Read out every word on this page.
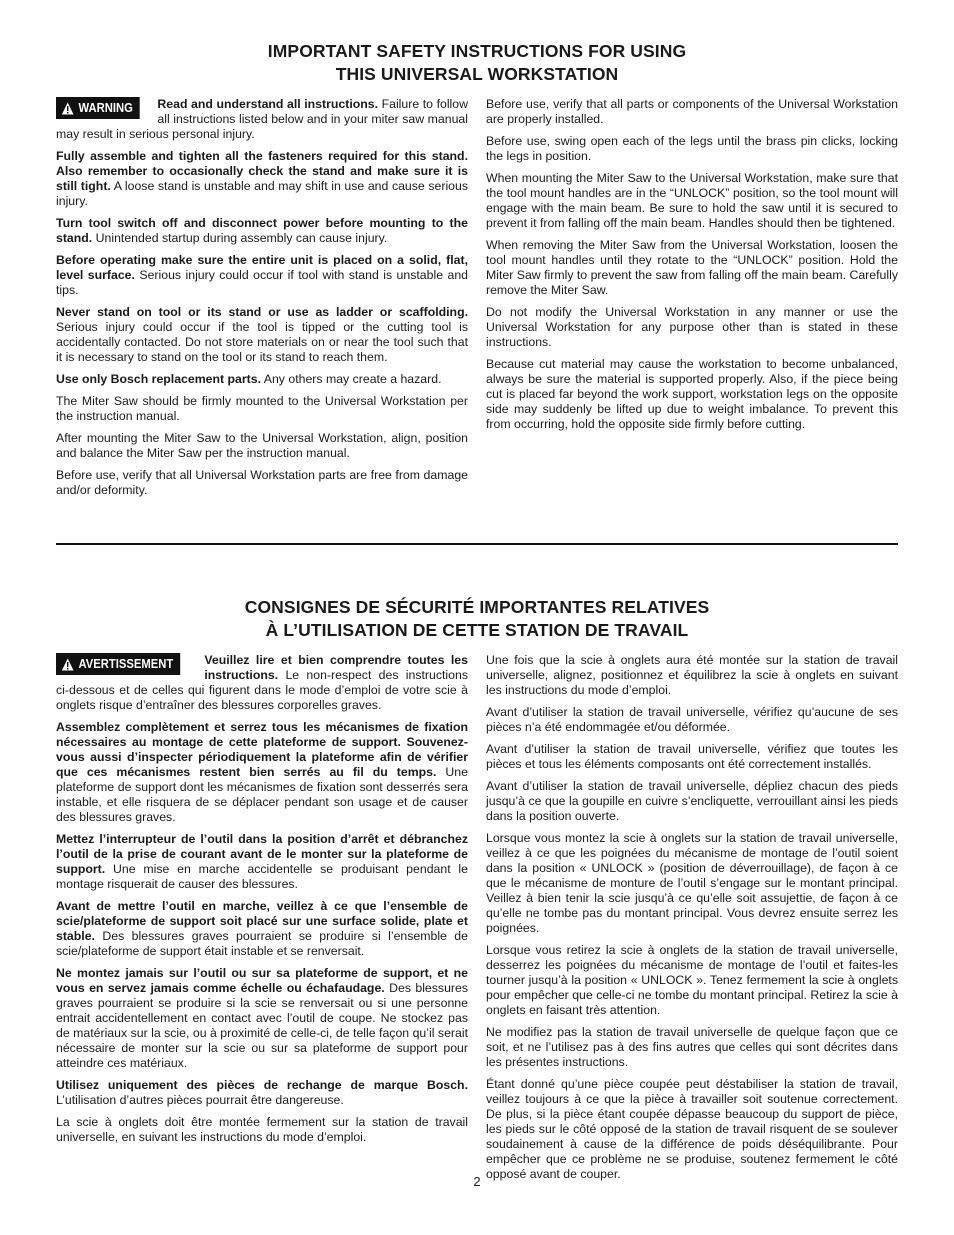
IMPORTANT SAFETY INSTRUCTIONS FOR USING
THIS UNIVERSAL WORKSTATION

WARNING Read and understand all instructions. Failure to follow all instructions listed below and in your miter saw manual may result in serious personal injury.

Fully assemble and tighten all the fasteners required for this stand. Also remember to occasionally check the stand and make sure it is still tight. A loose stand is unstable and may shift in use and cause serious injury.

Turn tool switch off and disconnect power before mounting to the stand. Unintended startup during assembly can cause injury.

Before operating make sure the entire unit is placed on a solid, flat, level surface. Serious injury could occur if tool with stand is unstable and tips.

Never stand on tool or its stand or use as ladder or scaffolding. Serious injury could occur if the tool is tipped or the cutting tool is accidentally contacted. Do not store materials on or near the tool such that it is necessary to stand on the tool or its stand to reach them.

Use only Bosch replacement parts. Any others may create a hazard.

The Miter Saw should be firmly mounted to the Universal Workstation per the instruction manual.

After mounting the Miter Saw to the Universal Workstation, align, position and balance the Miter Saw per the instruction manual.

Before use, verify that all Universal Workstation parts are free from damage and/or deformity.

Before use, verify that all parts or components of the Universal Workstation are properly installed.

Before use, swing open each of the legs until the brass pin clicks, locking the legs in position.

When mounting the Miter Saw to the Universal Workstation, make sure that the tool mount handles are in the “UNLOCK” position, so the tool mount will engage with the main beam. Be sure to hold the saw until it is secured to prevent it from falling off the main beam. Handles should then be tightened.

When removing the Miter Saw from the Universal Workstation, loosen the tool mount handles until they rotate to the “UNLOCK” position. Hold the Miter Saw firmly to prevent the saw from falling off the main beam. Carefully remove the Miter Saw.

Do not modify the Universal Workstation in any manner or use the Universal Workstation for any purpose other than is stated in these instructions.

Because cut material may cause the workstation to become unbalanced, always be sure the material is supported properly. Also, if the piece being cut is placed far beyond the work support, workstation legs on the opposite side may suddenly be lifted up due to weight imbalance. To prevent this from occurring, hold the opposite side firmly before cutting.

CONSIGNES DE SÉCURITÉ IMPORTANTES RELATIVES
À L’UTILISATION DE CETTE STATION DE TRAVAIL

AVERTISSEMENT	Veuillez lire et bien comprendre toutes les instructions. Le non-respect des instructions ci-dessous et de celles qui figurent dans le mode d’emploi de votre scie à onglets risque d’entraîner des blessures corporelles graves.

Assemblez complètement et serrez tous les mécanismes de fixation nécessaires au montage de cette plateforme de support. Souvenez-vous aussi d’inspecter périodiquement la plateforme afin de vérifier que ces mécanismes restent bien serrés au fil du temps. Une plateforme de support dont les mécanismes de fixation sont desserrés sera instable, et elle risquera de se déplacer pendant son usage et de causer des blessures graves.

Mettez l’interrupteur de l’outil dans la position d’arrêt et débranchez l’outil de la prise de courant avant de le monter sur la plateforme de support. Une mise en marche accidentelle se produisant pendant le montage risquerait de causer des blessures.

Avant de mettre l’outil en marche, veillez à ce que l’ensemble de scie/plateforme de support soit placé sur une surface solide, plate et stable. Des blessures graves pourraient se produire si l’ensemble de scie/plateforme de support était instable et se renversait.

Ne montez jamais sur l’outil ou sur sa plateforme de support, et ne vous en servez jamais comme échelle ou échafaudage. Des blessures graves pourraient se produire si la scie se renversait ou si une personne entrait accidentellement en contact avec l’outil de coupe. Ne stockez pas de matériaux sur la scie, ou à proximité de celle-ci, de telle façon qu’il serait nécessaire de monter sur la scie ou sur sa plateforme de support pour atteindre ces matériaux.

Utilisez uniquement des pièces de rechange de marque Bosch. L’utilisation d’autres pièces pourrait être dangereuse.

La scie à onglets doit être montée fermement sur la station de travail universelle, en suivant les instructions du mode d’emploi.

Une fois que la scie à onglets aura été montée sur la station de travail universelle, alignez, positionnez et équilibrez la scie à onglets en suivant les instructions du mode d’emploi.

Avant d’utiliser la station de travail universelle, vérifiez qu’aucune de ses pièces n’a été endommagée et/ou déformée.

Avant d’utiliser la station de travail universelle, vérifiez que toutes les pièces et tous les éléments composants ont été correctement installés.

Avant d’utiliser la station de travail universelle, dépliez chacun des pieds jusqu’à ce que la goupille en cuivre s’encliquette, verrouillant ainsi les pieds dans la position ouverte.

Lorsque vous montez la scie à onglets sur la station de travail universelle, veillez à ce que les poignées du mécanisme de montage de l’outil soient dans la position « UNLOCK » (position de déverrouillage), de façon à ce que le mécanisme de monture de l’outil s’engage sur le montant principal. Veillez à bien tenir la scie jusqu’à ce qu’elle soit assujettie, de façon à ce qu’elle ne tombe pas du montant principal. Vous devrez ensuite serrez les poignées.

Lorsque vous retirez la scie à onglets de la station de travail universelle, desserrez les poignées du mécanisme de montage de l’outil et faites-les tourner jusqu’à la position « UNLOCK ». Tenez fermement la scie à onglets pour empêcher que celle-ci ne tombe du montant principal. Retirez la scie à onglets en faisant très attention.

Ne modifiez pas la station de travail universelle de quelque façon que ce soit, et ne l’utilisez pas à des fins autres que celles qui sont décrites dans les présentes instructions.

Étant donné qu’une pièce coupée peut déstabiliser la station de travail, veillez toujours à ce que la pièce à travailler soit soutenue correctement. De plus, si la pièce étant coupée dépasse beaucoup du support de pièce, les pieds sur le côté opposé de la station de travail risquent de se soulever soudainement à cause de la différence de poids déséquilibrante. Pour empêcher que ce problème ne se produise, soutenez fermement le côté opposé avant de couper.

2
